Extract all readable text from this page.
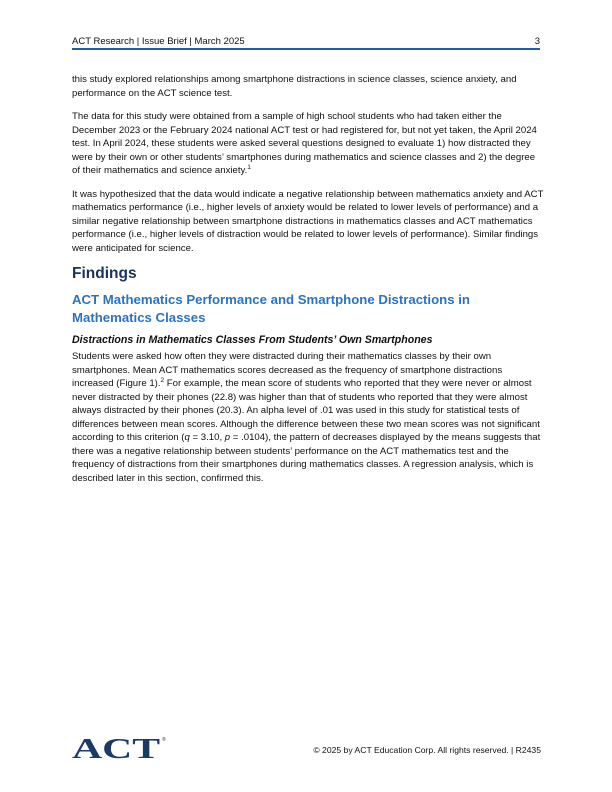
ACT Research | Issue Brief | March 2025	3

this study explored relationships among smartphone distractions in science classes, science anxiety, and performance on the ACT science test.

The data for this study were obtained from a sample of high school students who had taken either the December 2023 or the February 2024 national ACT test or had registered for, but not yet taken, the April 2024 test. In April 2024, these students were asked several questions designed to evaluate 1) how distracted they were by their own or other students’ smartphones during mathematics and science classes and 2) the degree of their mathematics and science anxiety.$^1$

It was hypothesized that the data would indicate a negative relationship between mathematics anxiety and ACT mathematics performance (i.e., higher levels of anxiety would be related to lower levels of performance) and a similar negative relationship between smartphone distractions in mathematics classes and ACT mathematics performance (i.e., higher levels of distraction would be related to lower levels of performance). Similar findings were anticipated for science.

Findings
ACT Mathematics Performance and Smartphone Distractions in Mathematics Classes
Distractions in Mathematics Classes From Students’ Own Smartphones

Students were asked how often they were distracted during their mathematics classes by their own smartphones. Mean ACT mathematics scores decreased as the frequency of smartphone distractions increased (Figure 1).$^2$ For example, the mean score of students who reported that they were never or almost never distracted by their phones (22.8) was higher than that of students who reported that they were almost always distracted by their phones (20.3). An alpha level of .01 was used in this study for statistical tests of differences between mean scores. Although the difference between these two mean scores was not significant according to this criterion (q = 3.10, p = .0104), the pattern of decreases displayed by the means suggests that there was a negative relationship between students’ performance on the ACT mathematics test and the frequency of distractions from their smartphones during mathematics classes. A regression analysis, which is described later in this section, confirmed this.

ACT ®
© 2025 by ACT Education Corp. All rights reserved. | R2435
